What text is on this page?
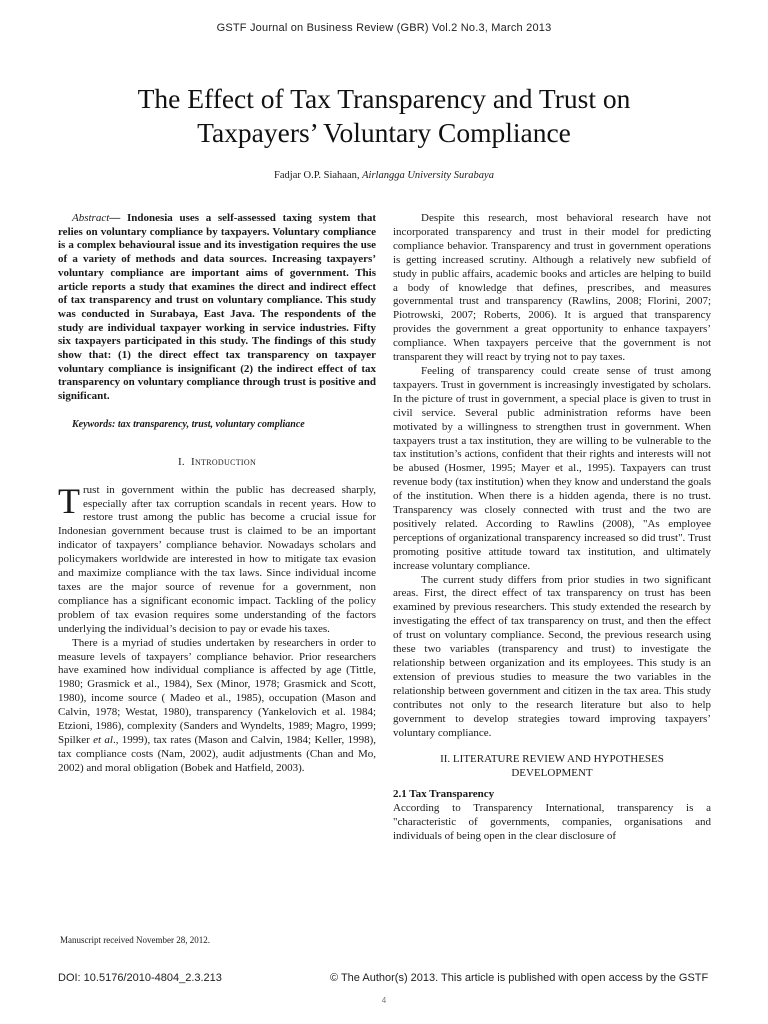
GSTF Journal on Business Review (GBR) Vol.2 No.3, March 2013
The Effect of Tax Transparency and Trust on
Taxpayers’ Voluntary Compliance
Fadjar O.P. Siahaan, Airlangga University Surabaya
Abstract— Indonesia uses a self-assessed taxing system that relies on voluntary compliance by taxpayers. Voluntary compliance is a complex behavioural issue and its investigation requires the use of a variety of methods and data sources. Increasing taxpayers’ voluntary compliance are important aims of government. This article reports a study that examines the direct and indirect effect of tax transparency and trust on voluntary compliance. This study was conducted in Surabaya, East Java. The respondents of the study are individual taxpayer working in service industries. Fifty six taxpayers participated in this study. The findings of this study show that: (1) the direct effect tax transparency on taxpayer voluntary compliance is insignificant (2) the indirect effect of tax transparency on voluntary compliance through trust is positive and significant.
Keywords: tax transparency, trust, voluntary compliance
I. Introduction
Trust in government within the public has decreased sharply, especially after tax corruption scandals in recent years. How to restore trust among the public has become a crucial issue for Indonesian government because trust is claimed to be an important indicator of taxpayers’ compliance behavior. Nowadays scholars and policymakers worldwide are interested in how to mitigate tax evasion and maximize compliance with the tax laws. Since individual income taxes are the major source of revenue for a government, non compliance has a significant economic impact. Tackling of the policy problem of tax evasion requires some understanding of the factors underlying the individual’s decision to pay or evade his taxes.
There is a myriad of studies undertaken by researchers in order to measure levels of taxpayers’ compliance behavior. Prior researchers have examined how individual compliance is affected by age (Tittle, 1980; Grasmick et al., 1984), Sex (Minor, 1978; Grasmick and Scott, 1980), income source ( Madeo et al., 1985), occupation (Mason and Calvin, 1978; Westat, 1980), transparency (Yankelovich et al. 1984; Etzioni, 1986), complexity (Sanders and Wyndelts, 1989; Magro, 1999; Spilker et al., 1999), tax rates (Mason and Calvin, 1984; Keller, 1998), tax compliance costs (Nam, 2002), audit adjustments (Chan and Mo, 2002) and moral obligation (Bobek and Hatfield, 2003).
Manuscript received November 28, 2012.
Despite this research, most behavioral research have not incorporated transparency and trust in their model for predicting compliance behavior. Transparency and trust in government operations is getting increased scrutiny. Although a relatively new subfield of study in public affairs, academic books and articles are helping to build a body of knowledge that defines, prescribes, and measures governmental trust and transparency (Rawlins, 2008; Florini, 2007; Piotrowski, 2007; Roberts, 2006). It is argued that transparency provides the government a great opportunity to enhance taxpayers’ compliance. When taxpayers perceive that the government is not transparent they will react by trying not to pay taxes.
Feeling of transparency could create sense of trust among taxpayers. Trust in government is increasingly investigated by scholars. In the picture of trust in government, a special place is given to trust in civil service. Several public administration reforms have been motivated by a willingness to strengthen trust in government. When taxpayers trust a tax institution, they are willing to be vulnerable to the tax institution’s actions, confident that their rights and interests will not be abused (Hosmer, 1995; Mayer et al., 1995). Taxpayers can trust revenue body (tax institution) when they know and understand the goals of the institution. When there is a hidden agenda, there is no trust. Transparency was closely connected with trust and the two are positively related. According to Rawlins (2008), "As employee perceptions of organizational transparency increased so did trust". Trust promoting positive attitude toward tax institution, and ultimately increase voluntary compliance.
The current study differs from prior studies in two significant areas. First, the direct effect of tax transparency on trust has been examined by previous researchers. This study extended the research by investigating the effect of tax transparency on trust, and then the effect of trust on voluntary compliance. Second, the previous research using these two variables (transparency and trust) to investigate the relationship between organization and its employees. This study is an extension of previous studies to measure the two variables in the relationship between government and citizen in the tax area. This study contributes not only to the research literature but also to help government to develop strategies toward improving taxpayers’ voluntary compliance.
II. LITERATURE REVIEW AND HYPOTHESES
DEVELOPMENT
2.1 Tax Transparency
According to Transparency International, transparency is a "characteristic of governments, companies, organisations and individuals of being open in the clear disclosure of
DOI: 10.5176/2010-4804_2.3.213	© The Author(s) 2013. This article is published with open access by the GSTF
4
